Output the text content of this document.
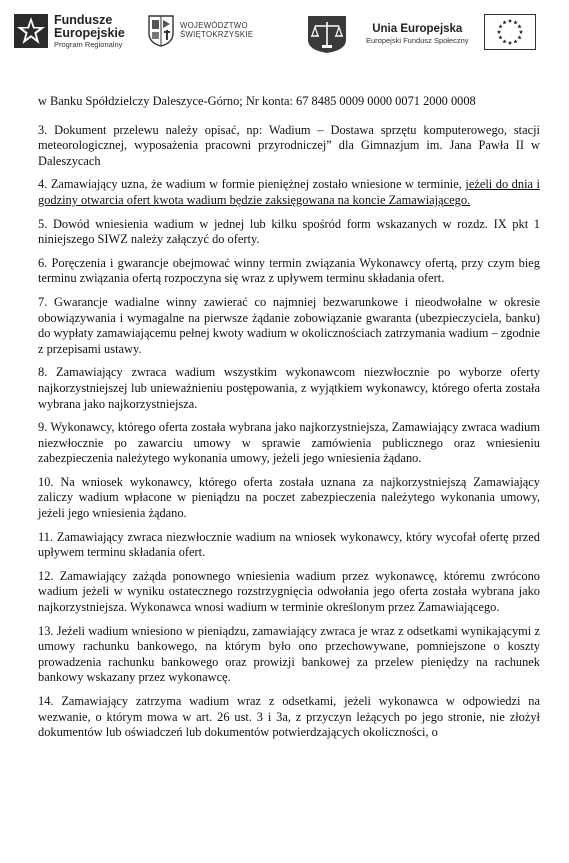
Fundusze
Europejskie
Program Regionalny
WOJEWÓDZTWO
ŚWIĘTOKRZYSKIE	Unia Europejska
Europejski Fundusz Społeczny

w Banku Spółdzielczy Daleszyce-Górno; Nr konta: 67 8485 0009 0000 0071 2000 0008

3. Dokument przelewu należy opisać, np: Wadium – Dostawa sprzętu komputerowego, stacji meteorologicznej, wyposażenia pracowni przyrodniczej” dla Gimnazjum im. Jana Pawła II w Daleszycach

4. Zamawiający uzna, że wadium w formie pieniężnej zostało wniesione w terminie, jeżeli do dnia i godziny otwarcia ofert kwota wadium będzie zaksięgowana na koncie Zamawiającego.

5. Dowód wniesienia wadium w jednej lub kilku spośród form wskazanych w rozdz. IX pkt 1 niniejszego SIWZ należy załączyć do oferty.

6. Poręczenia i gwarancje obejmować winny termin związania Wykonawcy ofertą, przy czym bieg terminu związania ofertą rozpoczyna się wraz z upływem terminu składania ofert.

7. Gwarancje wadialne winny zawierać co najmniej bezwarunkowe i nieodwołalne w okresie obowiązywania i wymagalne na pierwsze żądanie zobowiązanie gwaranta (ubezpieczyciela, banku) do wypłaty zamawiającemu pełnej kwoty wadium w okolicznościach zatrzymania wadium – zgodnie z przepisami ustawy.

8. Zamawiający zwraca wadium wszystkim wykonawcom niezwłocznie po wyborze oferty najkorzystniejszej lub unieważnieniu postępowania, z wyjątkiem wykonawcy, którego oferta została wybrana jako najkorzystniejsza.

9. Wykonawcy, którego oferta została wybrana jako najkorzystniejsza, Zamawiający zwraca wadium niezwłocznie po zawarciu umowy w sprawie zamówienia publicznego oraz wniesieniu zabezpieczenia należytego wykonania umowy, jeżeli jego wniesienia żądano.

10. Na wniosek wykonawcy, którego oferta została uznana za najkorzystniejszą Zamawiający zaliczy wadium wpłacone w pieniądzu na poczet zabezpieczenia należytego wykonania umowy, jeżeli jego wniesienia żądano.

11. Zamawiający zwraca niezwłocznie wadium na wniosek wykonawcy, który wycofał ofertę przed upływem terminu składania ofert.

12. Zamawiający zażąda ponownego wniesienia wadium przez wykonawcę, któremu zwrócono wadium jeżeli w wyniku ostatecznego rozstrzygnięcia odwołania jego oferta została wybrana jako najkorzystniejsza. Wykonawca wnosi wadium w terminie określonym przez Zamawiającego.

13. Jeżeli wadium wniesiono w pieniądzu, zamawiający zwraca je wraz z odsetkami wynikającymi z umowy rachunku bankowego, na którym było ono przechowywane, pomniejszone o koszty prowadzenia rachunku bankowego oraz prowizji bankowej za przelew pieniędzy na rachunek bankowy wskazany przez wykonawcę.

14. Zamawiający zatrzyma wadium wraz z odsetkami, jeżeli wykonawca w odpowiedzi na wezwanie, o którym mowa w art. 26 ust. 3 i 3a, z przyczyn leżących po jego stronie, nie złożył dokumentów lub oświadczeń lub dokumentów potwierdzających okoliczności, o
